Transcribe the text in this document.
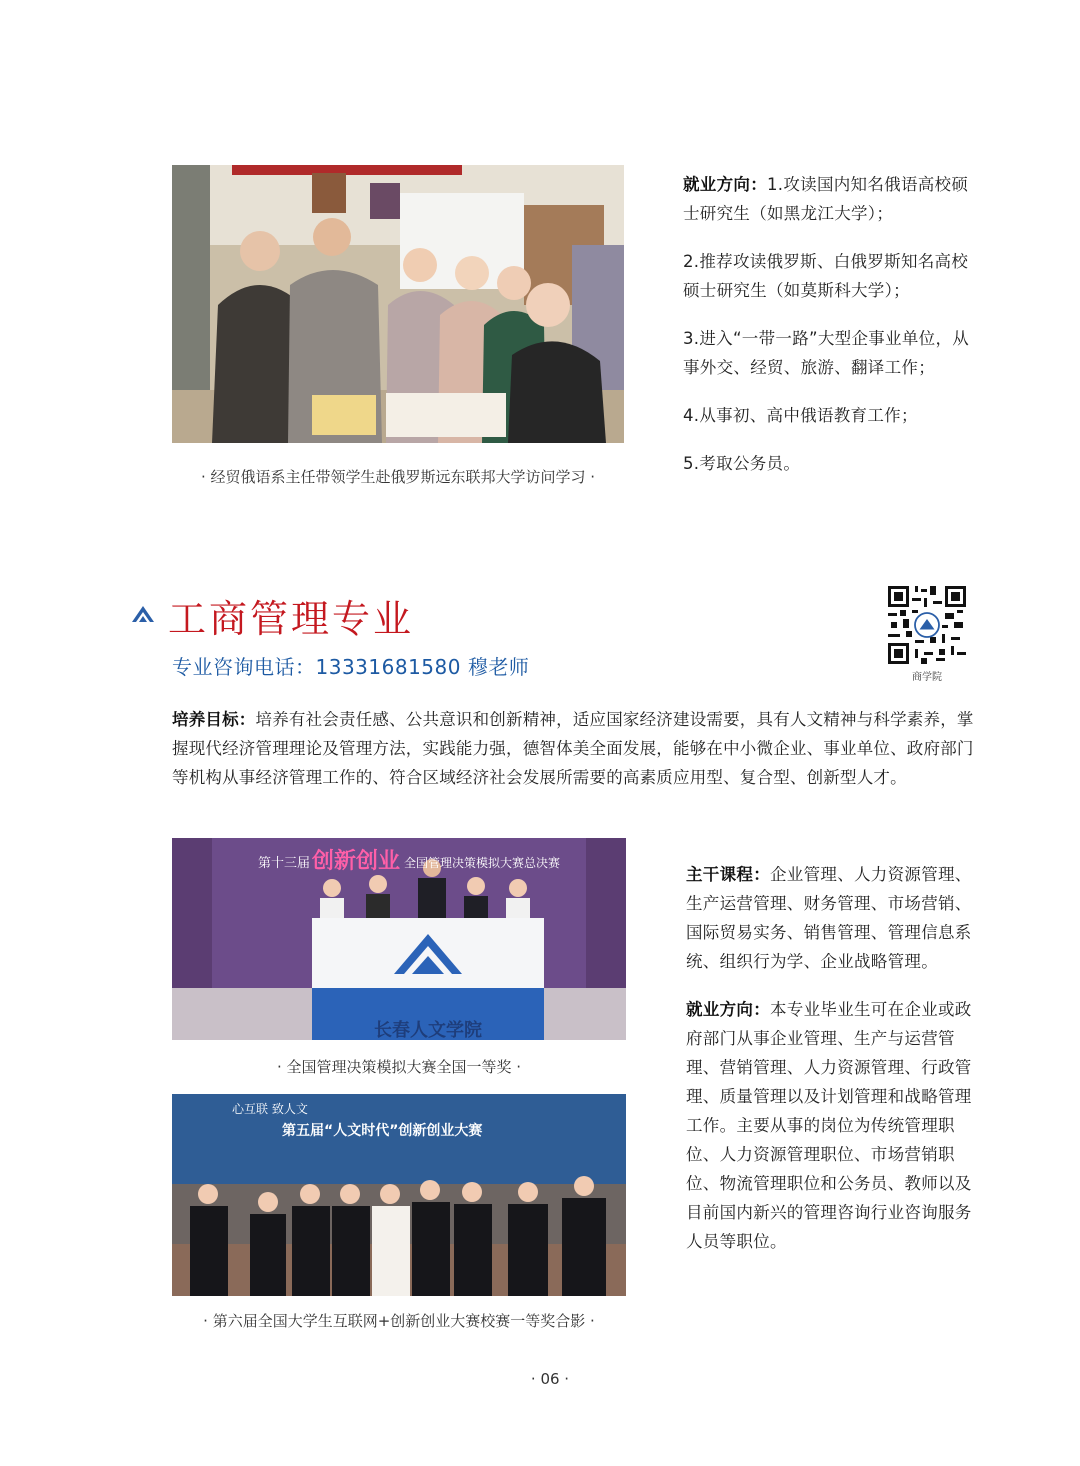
· 经贸俄语系主任带领学生赴俄罗斯远东联邦大学访问学习 ·

就业方向：1.攻读国内知名俄语高校硕士研究生（如黑龙江大学）；

2.推荐攻读俄罗斯、白俄罗斯知名高校硕士研究生（如莫斯科大学）；

3.进入“一带一路”大型企事业单位，从事外交、经贸、旅游、翻译工作；

4.从事初、高中俄语教育工作；

5.考取公务员。

工商管理专业
专业咨询电话：13331681580 穆老师	商学院
培养目标：培养有社会责任感、公共意识和创新精神，适应国家经济建设需要，具有人文精神与科学素养，掌握现代经济管理理论及管理方法，实践能力强，德智体美全面发展，能够在中小微企业、事业单位、政府部门等机构从事经济管理工作的、符合区域经济社会发展所需要的高素质应用型、复合型、创新型人才。
第十三届 创新创业 全国管理决策模拟大赛总决赛
长春人文学院
· 全国管理决策模拟大赛全国一等奖 ·
心互联 致人文
第五届“人文时代”创新创业大赛
· 第六届全国大学生互联网+创新创业大赛校赛一等奖合影 ·

主干课程：企业管理、人力资源管理、生产运营管理、财务管理、市场营销、国际贸易实务、销售管理、管理信息系统、组织行为学、企业战略管理。

就业方向：本专业毕业生可在企业或政府部门从事企业管理、生产与运营管理、营销管理、人力资源管理、行政管理、质量管理以及计划管理和战略管理工作。主要从事的岗位为传统管理职位、人力资源管理职位、市场营销职位、物流管理职位和公务员、教师以及目前国内新兴的管理咨询行业咨询服务人员等职位。

· 06 ·
